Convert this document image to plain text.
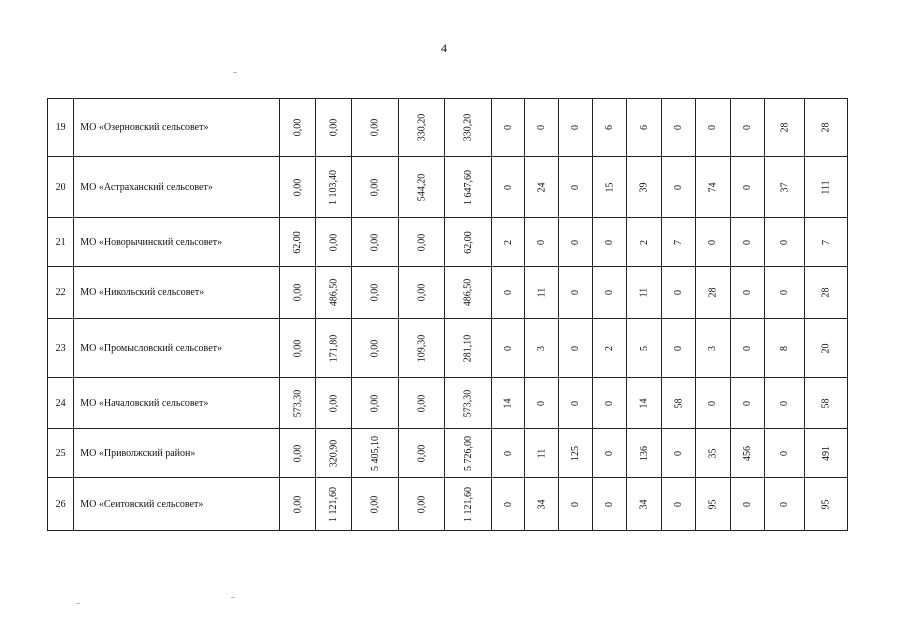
4
19	МО «Озерновский сельсовет»	0,00	0,00	0,00	330,20	330,20	0	0	0	6	6	0	0	0	28	28
20	МО «Астраханский сельсовет»	0,00	1 103,40	0,00	544,20	1 647,60	0	24	0	15	39	0	74	0	37	111
21	МО «Новорычинский сельсовет»	62,00	0,00	0,00	0,00	62,00	2	0	0	0	2	7	0	0	0	7
22	МО «Никольский сельсовет»	0,00	486,50	0,00	0,00	486,50	0	11	0	0	11	0	28	0	0	28
23	МО «Промысловский сельсовет»	0,00	171,80	0,00	109,30	281,10	0	3	0	2	5	0	3	0	8	20
24	МО «Началовский сельсовет»	573,30	0,00	0,00	0,00	573,30	14	0	0	0	14	58	0	0	0	58
25	МО «Приволжский район»	0,00	320,90	5 405,10	0,00	5 726,00	0	11	125	0	136	0	35	456	0	491
26	МО «Сеитовский сельсовет»	0,00	1 121,60	0,00	0,00	1 121,60	0	34	0	0	34	0	95	0	0	95
